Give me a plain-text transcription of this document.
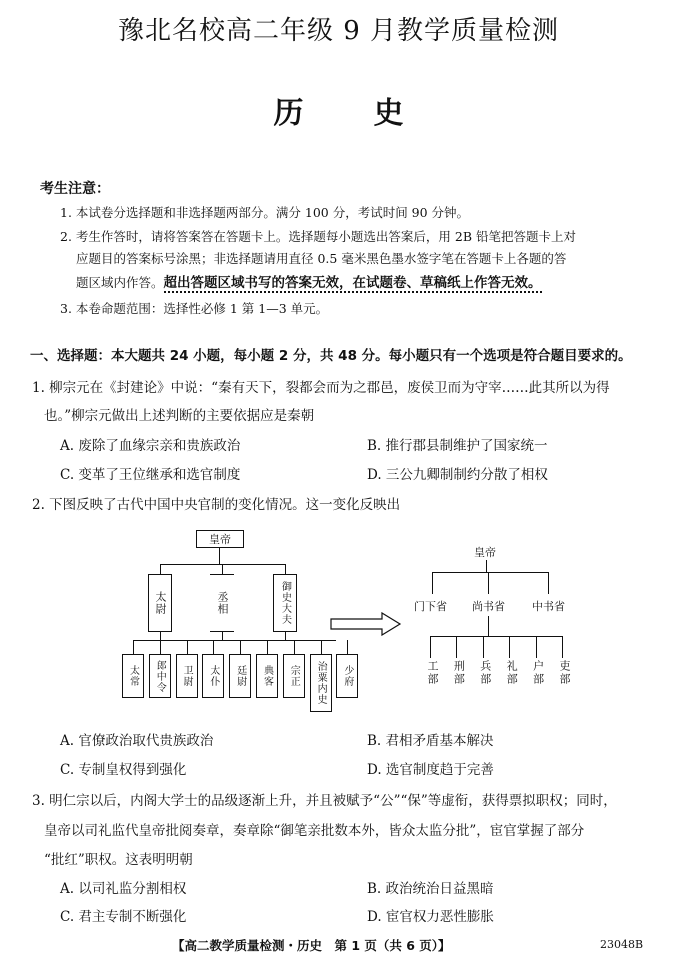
豫北名校高二年级 9 月教学质量检测
历史
考生注意：
1. 本试卷分选择题和非选择题两部分。满分 100 分，考试时间 90 分钟。
2. 考生作答时，请将答案答在答题卡上。选择题每小题选出答案后，用 2B 铅笔把答题卡上对
应题目的答案标号涂黑；非选择题请用直径 0.5 毫米黑色墨水签字笔在答题卡上各题的答
题区域内作答。超出答题区域书写的答案无效，在试题卷、草稿纸上作答无效。
3. 本卷命题范围：选择性必修 1 第 1—3 单元。
一、选择题：本大题共 24 小题，每小题 2 分，共 48 分。每小题只有一个选项是符合题目要求的。
1. 柳宗元在《封建论》中说：“秦有天下，裂都会而为之郡邑，废侯卫而为守宰……此其所以为得
也。”柳宗元做出上述判断的主要依据应是秦朝
A. 废除了血缘宗亲和贵族政治	B. 推行郡县制维护了国家统一
C. 变革了王位继承和选官制度	D. 三公九卿制制约分散了相权
2. 下图反映了古代中国中央官制的变化情况。这一变化反映出
皇帝
太尉	丞相	御史大夫
太常	郎中令	卫尉	太仆	廷尉	典客	宗正	治粟内史	少府
皇帝
门下省 尚书省 中书省
工部 刑部 兵部 礼部 户部 吏部
A. 官僚政治取代贵族政治	B. 君相矛盾基本解决
C. 专制皇权得到强化	D. 选官制度趋于完善
3. 明仁宗以后，内阁大学士的品级逐渐上升，并且被赋予“公”“保”等虚衔，获得票拟职权；同时，
皇帝以司礼监代皇帝批阅奏章，奏章除“御笔亲批数本外，皆众太监分批”，宦官掌握了部分
“批红”职权。这表明明朝
A. 以司礼监分割相权	B. 政治统治日益黑暗
C. 君主专制不断强化	D. 宦官权力恶性膨胀
【高二教学质量检测・历史　第 1 页（共 6 页）】	23048B
